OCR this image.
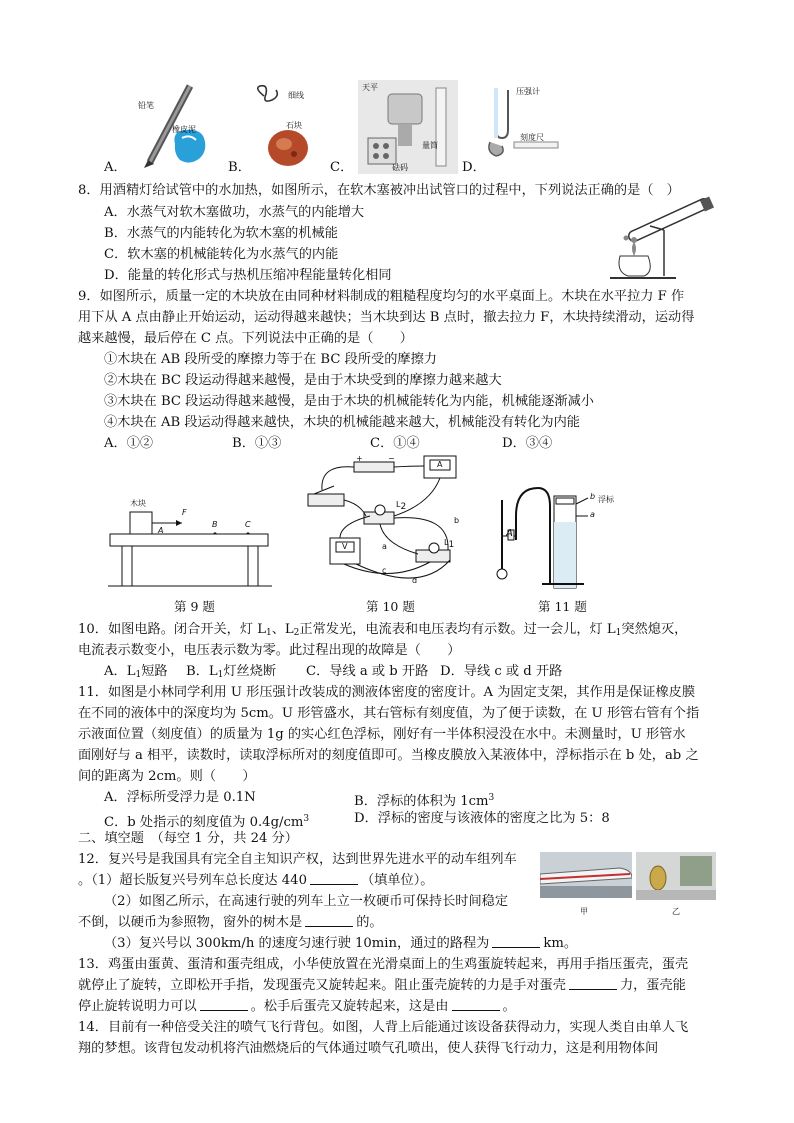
铅笔
橡皮泥
A．
细线
石块
B．
天平
量筒
砝码
C．
压强计
刻度尺
D．
8．用酒精灯给试管中的水加热，如图所示，在软木塞被冲出试管口的过程中，下列说法正确的是（　）
A．水蒸气对软木塞做功，水蒸气的内能增大
B．水蒸气的内能转化为软木塞的机械能
C．软木塞的机械能转化为水蒸气的内能
D．能量的转化形式与热机压缩冲程能量转化相同
9．如图所示，质量一定的木块放在由同种材料制成的粗糙程度均匀的水平桌面上。木块在水平拉力 F 作
用下从 A 点由静止开始运动，运动得越来越快；当木块到达 B 点时，撤去拉力 F，木块持续滑动，运动得
越来越慢，最后停在 C 点。下列说法中正确的是（　　）
①木块在 AB 段所受的摩擦力等于在 BC 段所受的摩擦力
②木块在 BC 段运动得越来越慢，是由于木块受到的摩擦力越来越大
③木块在 BC 段运动得越来越慢，是由于木块的机械能转化为内能，机械能逐渐减小
④木块在 AB 段运动得越来越快，木块的机械能越来越大，机械能没有转化为内能
A．①②	B．①③	C．①④	D．③④
木块
F
A
B	C
第 9 题
+	−
A
V
L2
L1
a
b
c
d
第 10 题
A
b 浮标
a
第 11 题
10．如图电路。闭合开关，灯 $L_1$、$L_2$正常发光，电流表和电压表均有示数。过一会儿，灯 $L_1$突然熄灭，
电流表示数变小，电压表示数为零。此过程出现的故障是（　　）
A．$L_1$短路 B．$L_1$灯丝烧断 C．导线 a 或 b 开路 D．导线 c 或 d 开路
11．如图是小林同学利用 U 形压强计改装成的测液体密度的密度计。A 为固定支架，其作用是保证橡皮膜
在不同的液体中的深度均为 5cm。U 形管盛水，其右管标有刻度值，为了便于读数，在 U 形管右管有个指
示液面位置（刻度值）的质量为 1g 的实心红色浮标，刚好有一半体积浸没在水中。未测量时，U 形管水
面刚好与 a 相平，读数时，读取浮标所对的刻度值即可。当橡皮膜放入某液体中，浮标指示在 b 处，ab 之
间的距离为 2cm。则（　　）
A．浮标所受浮力是 0.1N	B．浮标的体积为 $1cm^3$
C．b 处指示的刻度值为 $0.4g/cm^3$	D．浮标的密度与该液体的密度之比为 5：8
二、填空题　 （每空 1 分，共 24 分）
12．复兴号是我国具有完全自主知识产权，达到世界先进水平的动车组列车
。（1）超长版复兴号列车总长度达 440	（填单位）。
（2）如图乙所示，在高速行驶的列车上立一枚硬币可保持长时间稳定
不倒，以硬币为参照物，窗外的树木是	的。
（3）复兴号以 300km/h 的速度匀速行驶 10min，通过的路程为	km。
甲	乙
13．鸡蛋由蛋黄、蛋清和蛋壳组成，小华使放置在光滑桌面上的生鸡蛋旋转起来，再用手指压蛋壳，蛋壳
就停止了旋转，立即松开手指，发现蛋壳又旋转起来。阻止蛋壳旋转的力是手对蛋壳	力，蛋壳能
停止旋转说明力可以	。松手后蛋壳又旋转起来，这是由	。
14．目前有一种倍受关注的喷气飞行背包。如图，人背上后能通过该设备获得动力，实现人类自由单人飞
翔的梦想。该背包发动机将汽油燃烧后的气体通过喷气孔喷出，使人获得飞行动力，这是利用物体间
